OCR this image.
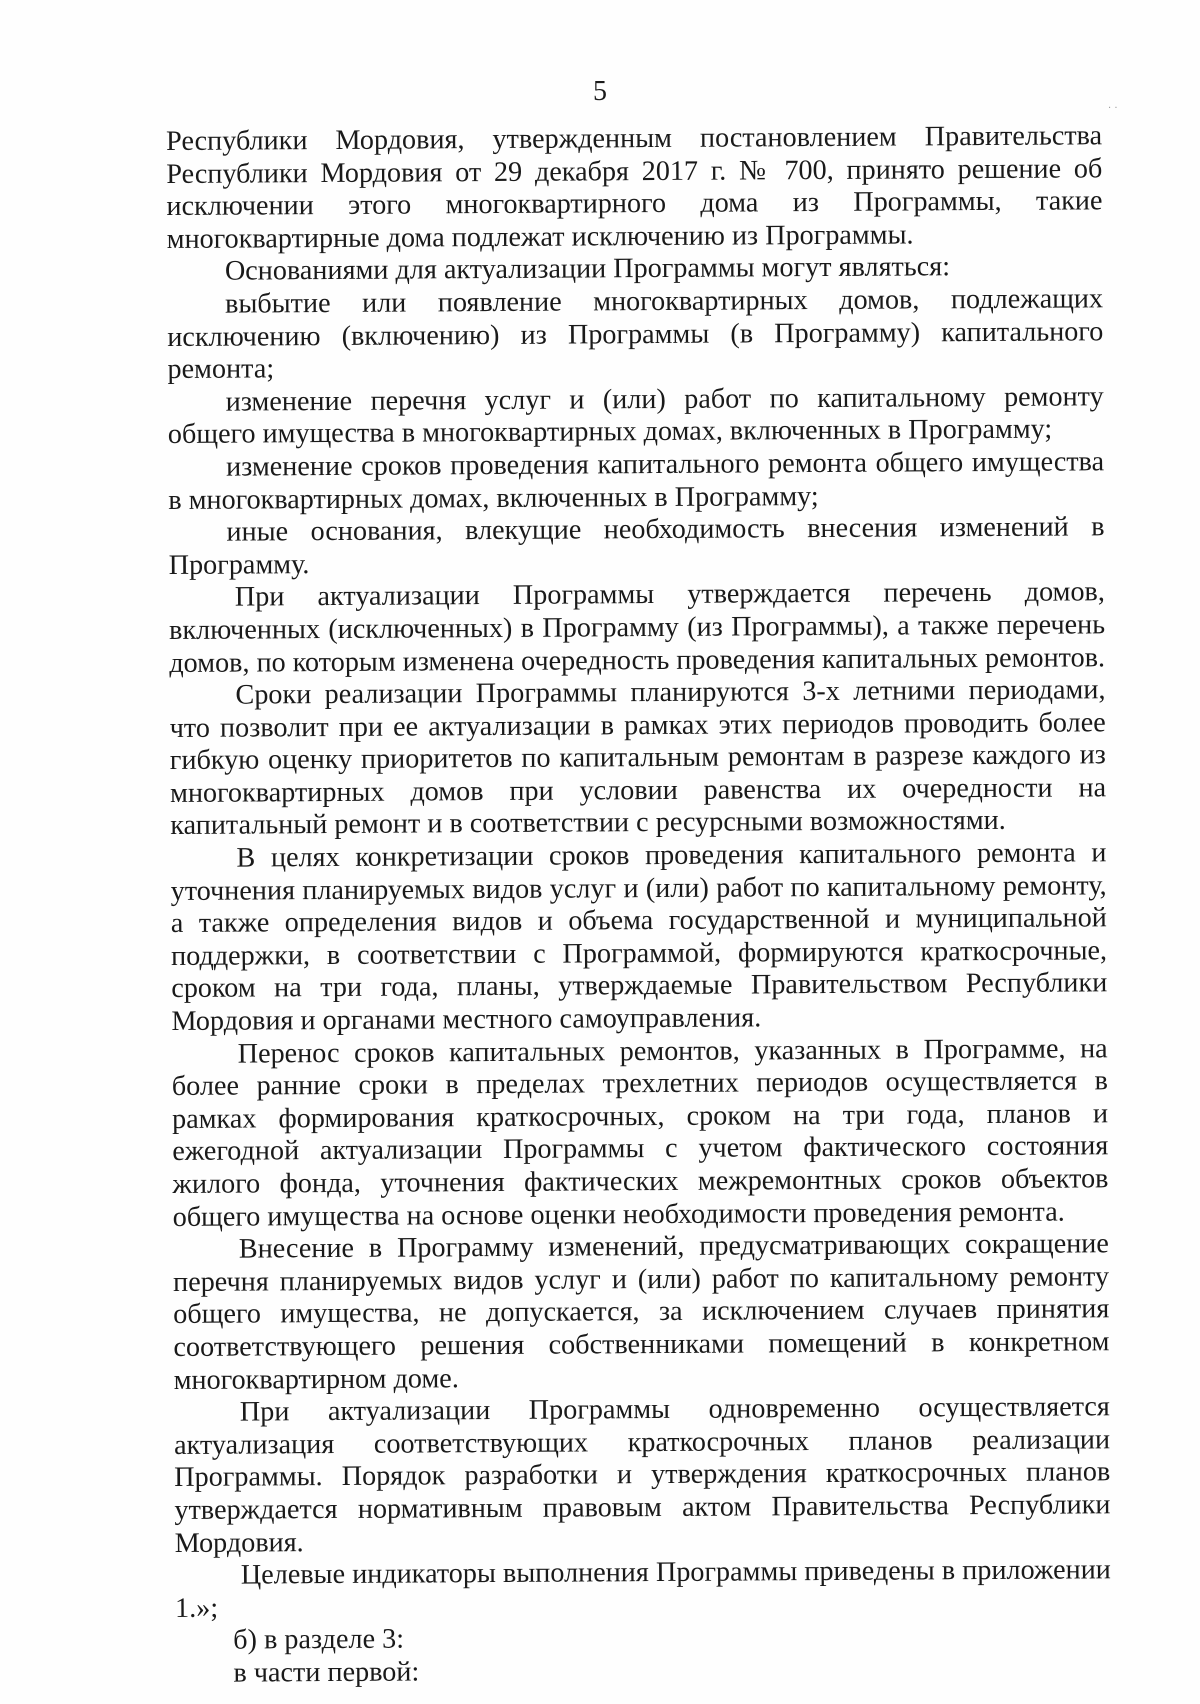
5	. .

Республики Мордовия, утвержденным постановлением Правительства Республики Мордовия от 29 декабря 2017 г. № 700, принято решение об исключении этого многоквартирного дома из Программы, такие многоквартирные дома подлежат исключению из Программы.

Основаниями для актуализации Программы могут являться:

выбытие или появление многоквартирных домов, подлежащих исключению (включению) из Программы (в Программу) капитального ремонта;

изменение перечня услуг и (или) работ по капитальному ремонту общего имущества в многоквартирных домах, включенных в Программу;

изменение сроков проведения капитального ремонта общего имущества в многоквартирных домах, включенных в Программу;

иные основания, влекущие необходимость внесения изменений в Программу.

При актуализации Программы утверждается перечень домов, включенных (исключенных) в Программу (из Программы), а также перечень домов, по которым изменена очередность проведения капитальных ремонтов.

Сроки реализации Программы планируются 3-х летними периодами, что позволит при ее актуализации в рамках этих периодов проводить более гибкую оценку приоритетов по капитальным ремонтам в разрезе каждого из многоквартирных домов при условии равенства их очередности на капитальный ремонт и в соответствии с ресурсными возможностями.

В целях конкретизации сроков проведения капитального ремонта и уточнения планируемых видов услуг и (или) работ по капитальному ремонту, а также определения видов и объема государственной и муниципальной поддержки, в соответствии с Программой, формируются краткосрочные, сроком на три года, планы, утверждаемые Правительством Республики Мордовия и органами местного самоуправления.

Перенос сроков капитальных ремонтов, указанных в Программе, на более ранние сроки в пределах трехлетних периодов осуществляется в рамках формирования краткосрочных, сроком на три года, планов и ежегодной актуализации Программы с учетом фактического состояния жилого фонда, уточнения фактических межремонтных сроков объектов общего имущества на основе оценки необходимости проведения ремонта.

Внесение в Программу изменений, предусматривающих сокращение перечня планируемых видов услуг и (или) работ по капитальному ремонту общего имущества, не допускается, за исключением случаев принятия соответствующего решения собственниками помещений в конкретном многоквартирном доме.

При актуализации Программы одновременно осуществляется актуализация соответствующих краткосрочных планов реализации Программы. Порядок разработки и утверждения краткосрочных планов утверждается нормативным правовым актом Правительства Республики Мордовия.

Целевые индикаторы выполнения Программы приведены в приложении 1.»;

б) в разделе 3:

в части первой:
